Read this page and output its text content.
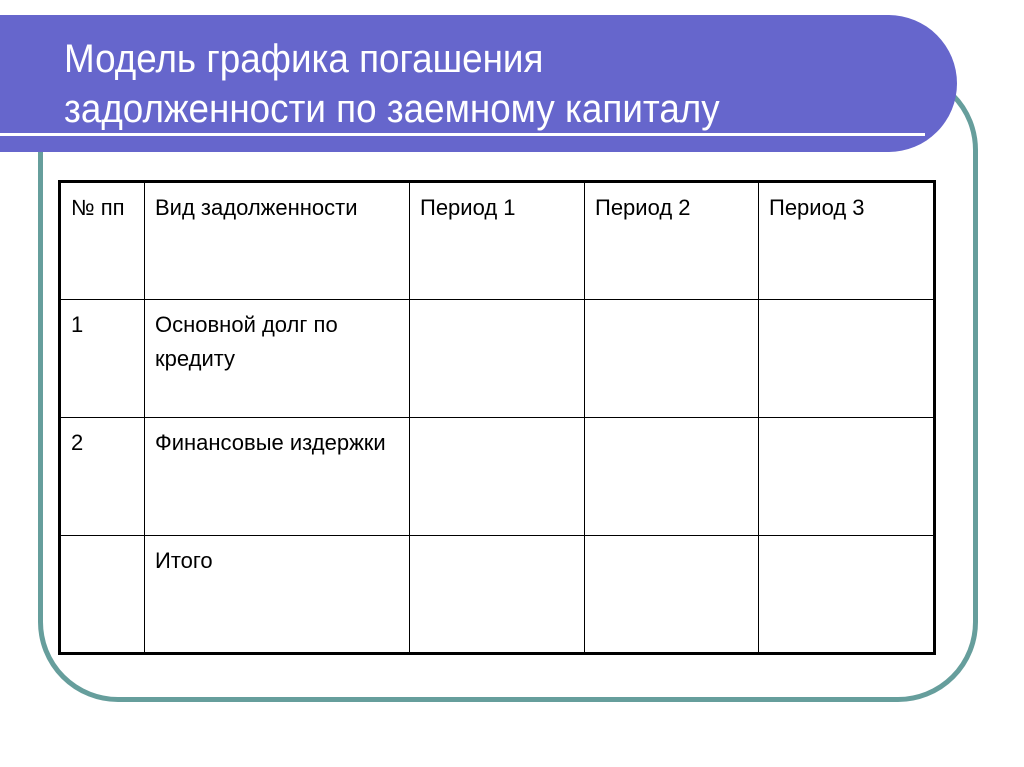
Модель графика погашения
задолженности по заемному капиталу
№ пп	Вид задолженности	Период 1	Период 2	Период 3
1	Основной долг по кредиту			
2	Финансовые издержки			
	Итого			
